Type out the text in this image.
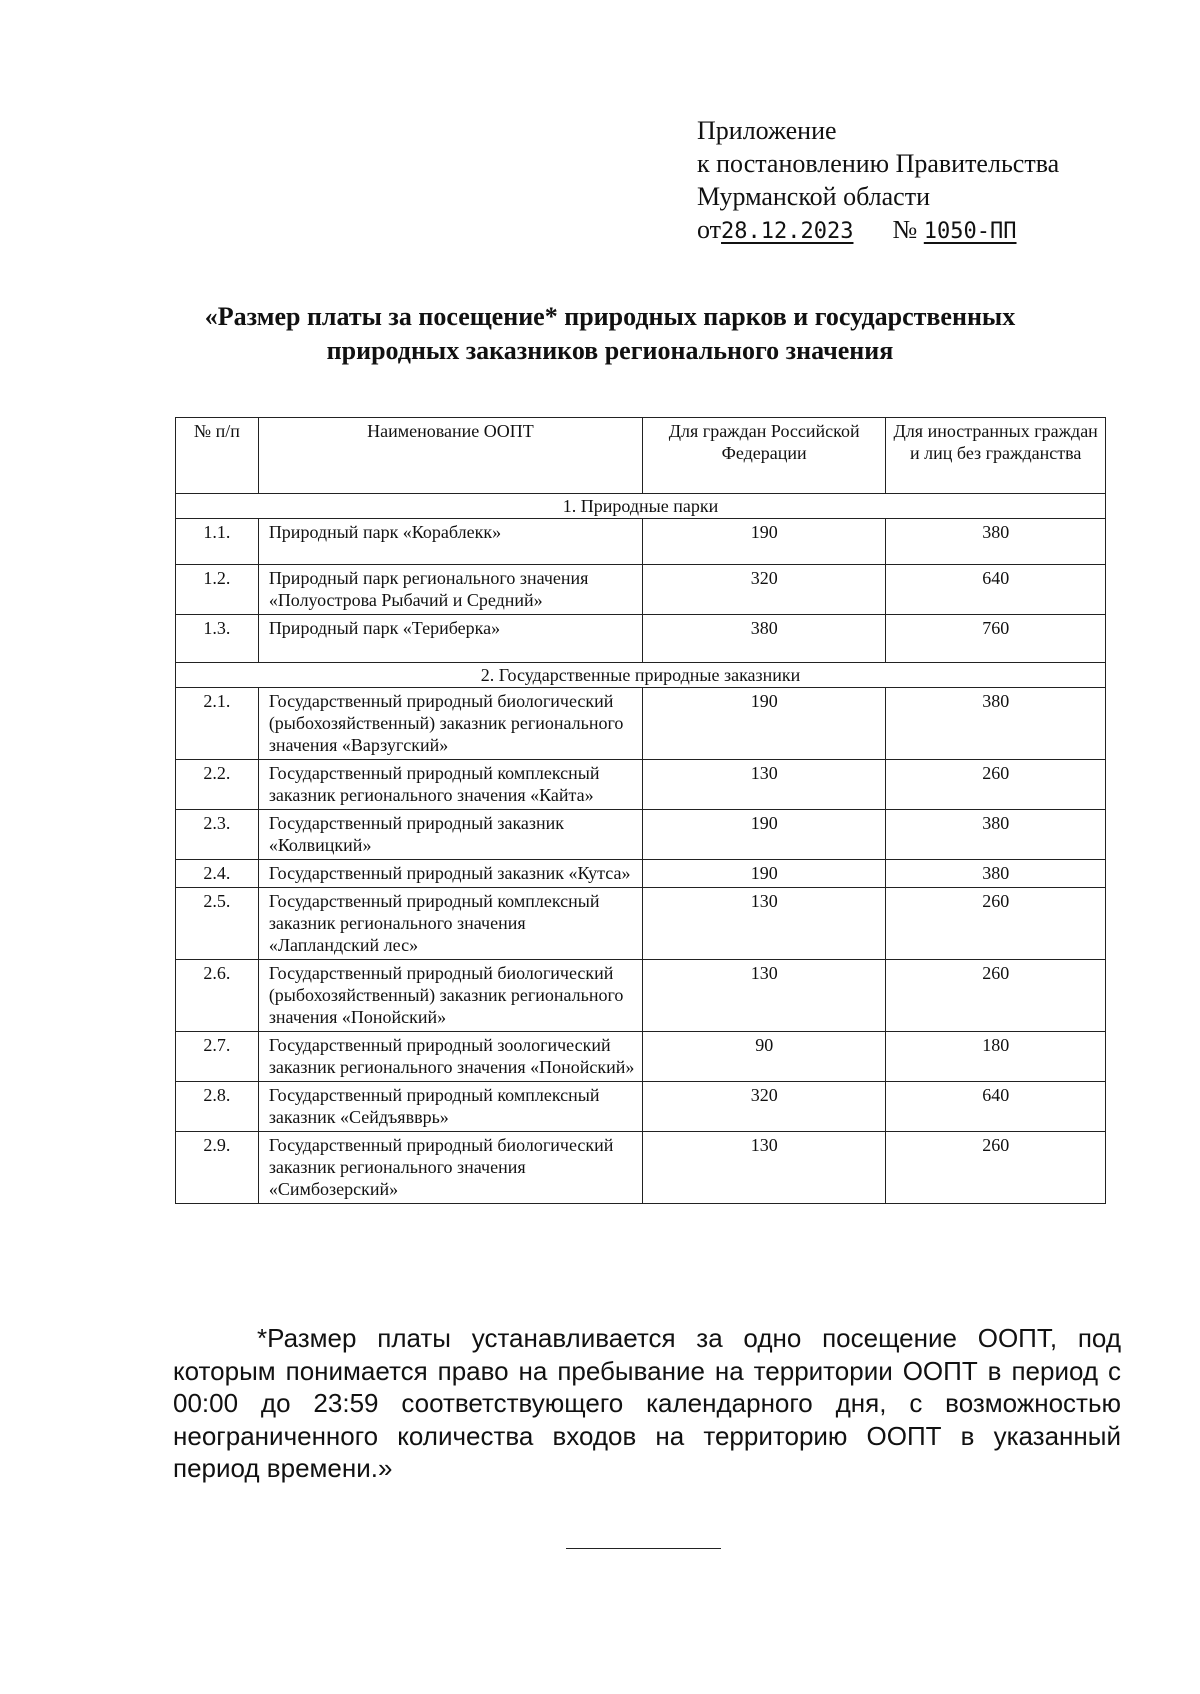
Приложение
к постановлению Правительства
Мурманской области
от28.12.2023 № 1050-ПП
«Размер платы за посещение* природных парков и государственных
природных заказников регионального значения
№ п/п	Наименование ООПТ	Для граждан Российской Федерации	Для иностранных граждан и лиц без гражданства
1. Природные парки			
1.1.	Природный парк «Кораблекк»	190	380
1.2.	Природный парк регионального значения «Полуострова Рыбачий и Средний»	320	640
1.3.	Природный парк «Териберка»	380	760
2. Государственные природные заказники			
2.1.	Государственный природный биологический (рыбохозяйственный) заказник регионального значения «Варзугский»	190	380
2.2.	Государственный природный комплексный заказник регионального значения «Кайта»	130	260
2.3.	Государственный природный заказник «Колвицкий»	190	380
2.4.	Государственный природный заказник «Кутса»	190	380
2.5.	Государственный природный комплексный заказник регионального значения «Лапландский лес»	130	260
2.6.	Государственный природный биологический (рыбохозяйственный) заказник регионального значения «Понойский»	130	260
2.7.	Государственный природный зоологический заказник регионального значения «Понойский»	90	180
2.8.	Государственный природный комплексный заказник «Сейдъявврь»	320	640
2.9.	Государственный природный биологический заказник регионального значения «Симбозерский»	130	260
*Размер платы устанавливается за одно посещение ООПТ, под которым понимается право на пребывание на территории ООПТ в период с 00:00 до 23:59 соответствующего календарного дня, с возможностью неограниченного количества входов на территорию ООПТ в указанный период времени.»
